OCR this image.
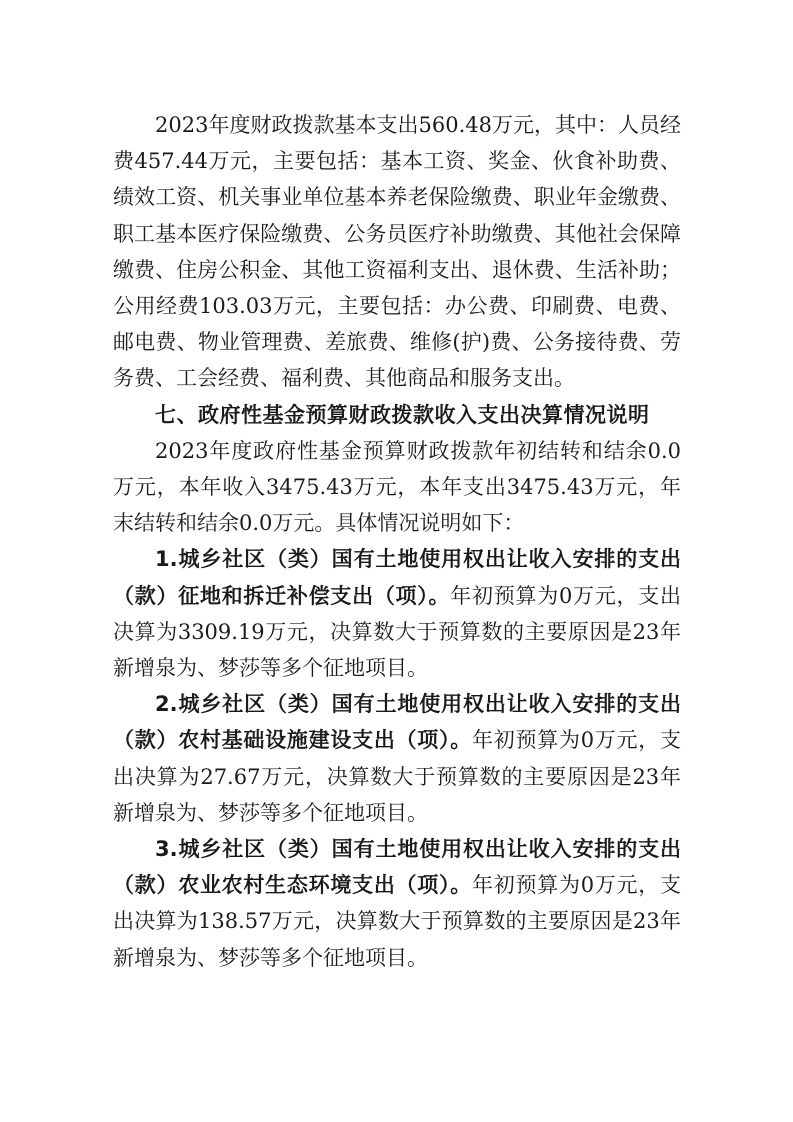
2023年度财政拨款基本支出560.48万元，其中：人员经费457.44万元，主要包括：基本工资、奖金、伙食补助费、绩效工资、机关事业单位基本养老保险缴费、职业年金缴费、职工基本医疗保险缴费、公务员医疗补助缴费、其他社会保障缴费、住房公积金、其他工资福利支出、退休费、生活补助；公用经费103.03万元，主要包括：办公费、印刷费、电费、邮电费、物业管理费、差旅费、维修(护)费、公务接待费、劳务费、工会经费、福利费、其他商品和服务支出。

七、政府性基金预算财政拨款收入支出决算情况说明

2023年度政府性基金预算财政拨款年初结转和结余0.0万元，本年收入3475.43万元，本年支出3475.43万元，年末结转和结余0.0万元。具体情况说明如下：

1.城乡社区（类）国有土地使用权出让收入安排的支出（款）征地和拆迁补偿支出（项）。年初预算为0万元，支出决算为3309.19万元，决算数大于预算数的主要原因是23年新增泉为、梦莎等多个征地项目。

2.城乡社区（类）国有土地使用权出让收入安排的支出（款）农村基础设施建设支出（项）。年初预算为0万元，支出决算为27.67万元，决算数大于预算数的主要原因是23年新增泉为、梦莎等多个征地项目。

3.城乡社区（类）国有土地使用权出让收入安排的支出（款）农业农村生态环境支出（项）。年初预算为0万元，支出决算为138.57万元，决算数大于预算数的主要原因是23年新增泉为、梦莎等多个征地项目。
